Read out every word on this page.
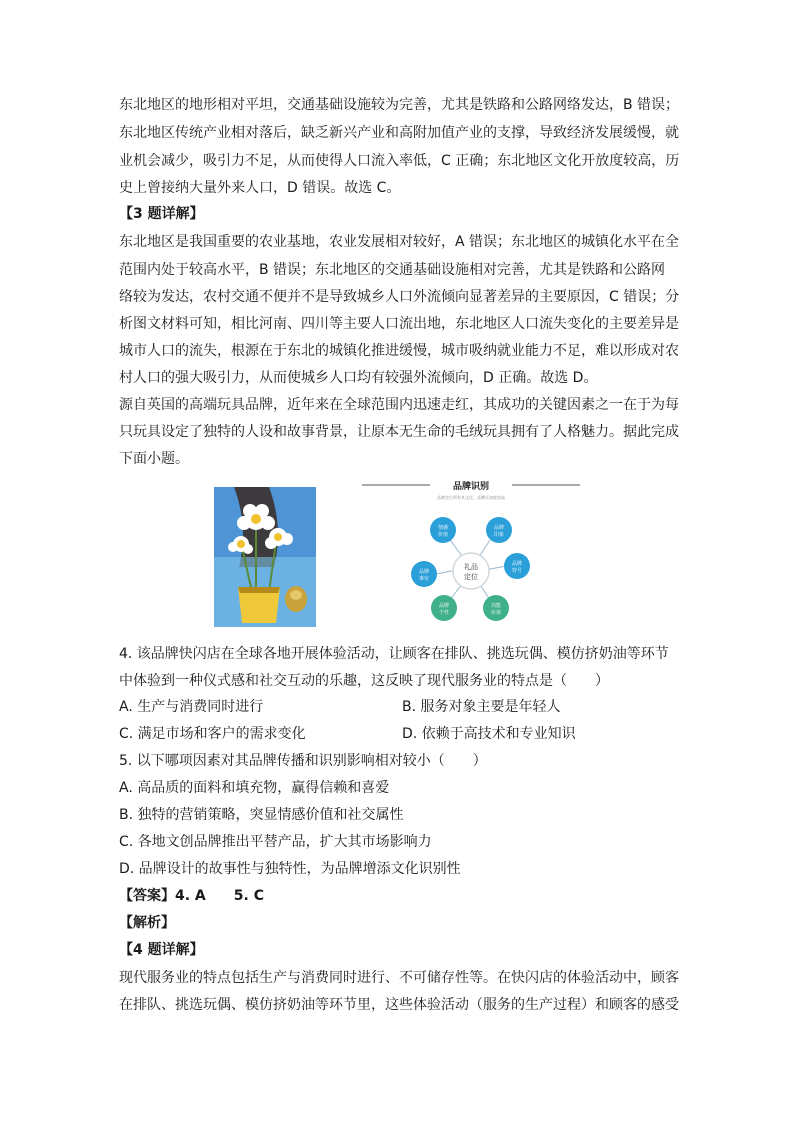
东北地区的地形相对平坦，交通基础设施较为完善，尤其是铁路和公路网络发达，B 错误；
东北地区传统产业相对落后，缺乏新兴产业和高附加值产业的支撑，导致经济发展缓慢，就
业机会减少，吸引力不足，从而使得人口流入率低，C 正确；东北地区文化开放度较高，历
史上曾接纳大量外来人口，D 错误。故选 C。
【3 题详解】
东北地区是我国重要的农业基地，农业发展相对较好，A 错误；东北地区的城镇化水平在全
范围内处于较高水平，B 错误；东北地区的交通基础设施相对完善，尤其是铁路和公路网
络较为发达，农村交通不便并不是导致城乡人口外流倾向显著差异的主要原因，C 错误；分
析图文材料可知，相比河南、四川等主要人口流出地，东北地区人口流失变化的主要差异是
城市人口的流失，根源在于东北的城镇化推进缓慢，城市吸纳就业能力不足，难以形成对农
村人口的强大吸引力，从而使城乡人口均有较强外流倾向，D 正确。故选 D。
源自英国的高端玩具品牌，近年来在全球范围内迅速走红，其成功的关键因素之一在于为每
只玩具设定了独特的人设和故事背景，让原本无生命的毛绒玩具拥有了人格魅力。据此完成
下面小题。
品牌识别
品牌定位须有其文化、品牌认知度较高
礼品
定位
情感
价值
品牌
印象
品牌
符号
功能
价值
品牌
个性
品牌
事实
4. 该品牌快闪店在全球各地开展体验活动，让顾客在排队、挑选玩偶、模仿挤奶油等环节
中体验到一种仪式感和社交互动的乐趣，这反映了现代服务业的特点是（　　）
A. 生产与消费同时进行	B. 服务对象主要是年轻人
C. 满足市场和客户的需求变化	D. 依赖于高技术和专业知识
5. 以下哪项因素对其品牌传播和识别影响相对较小（　　）
A. 高品质的面料和填充物，赢得信赖和喜爱
B. 独特的营销策略，突显情感价值和社交属性
C. 各地文创品牌推出平替产品，扩大其市场影响力
D. 品牌设计的故事性与独特性，为品牌增添文化识别性
【答案】4. A　　5. C
【解析】
【4 题详解】
现代服务业的特点包括生产与消费同时进行、不可储存性等。在快闪店的体验活动中，顾客
在排队、挑选玩偶、模仿挤奶油等环节里，这些体验活动（服务的生产过程）和顾客的感受
